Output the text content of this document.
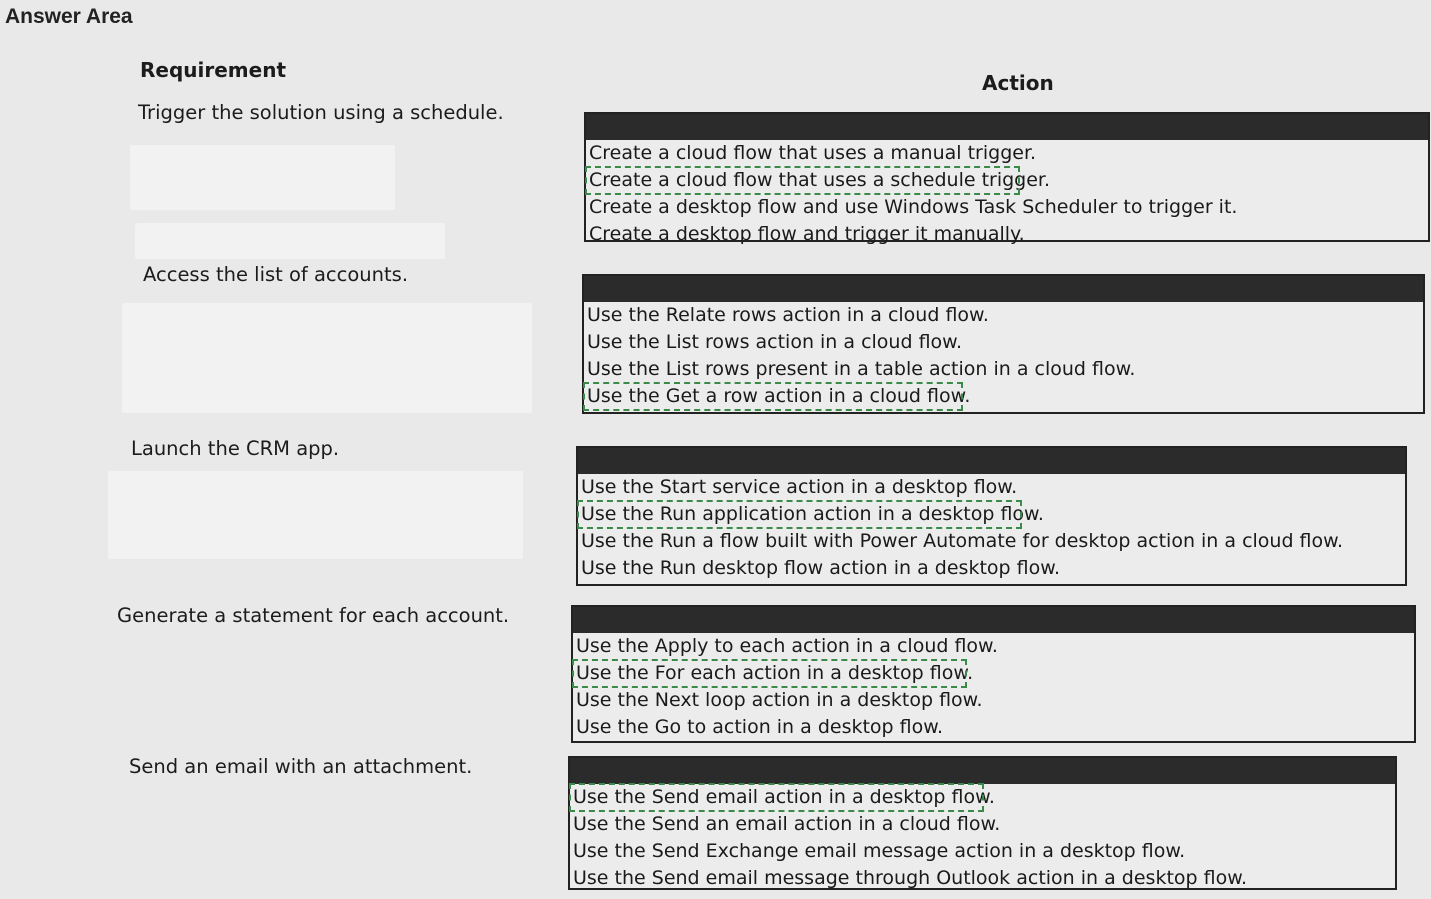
Answer Area
Requirement
Action
Trigger the solution using a schedule.
Access the list of accounts.
Launch the CRM app.
Generate a statement for each account.
Send an email with an attachment.
Create a cloud flow that uses a manual trigger.
Create a cloud flow that uses a schedule trigger.
Create a desktop flow and use Windows Task Scheduler to trigger it.
Create a desktop flow and trigger it manually.
Use the Relate rows action in a cloud flow.
Use the List rows action in a cloud flow.
Use the List rows present in a table action in a cloud flow.
Use the Get a row action in a cloud flow.
Use the Start service action in a desktop flow.
Use the Run application action in a desktop flow.
Use the Run a flow built with Power Automate for desktop action in a cloud flow.
Use the Run desktop flow action in a desktop flow.
Use the Apply to each action in a cloud flow.
Use the For each action in a desktop flow.
Use the Next loop action in a desktop flow.
Use the Go to action in a desktop flow.
Use the Send email action in a desktop flow.
Use the Send an email action in a cloud flow.
Use the Send Exchange email message action in a desktop flow.
Use the Send email message through Outlook action in a desktop flow.
